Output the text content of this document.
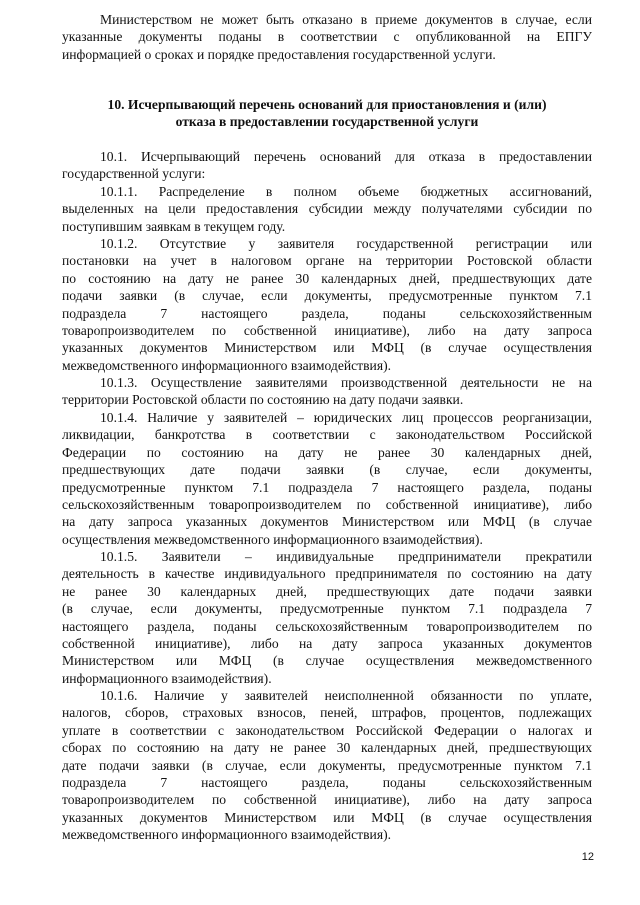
Министерством не может быть отказано в приеме документов в случае, если
указанные документы поданы в соответствии с опубликованной на ЕПГУ
информацией о сроках и порядке предоставления государственной услуги.
10. Исчерпывающий перечень оснований для приостановления и (или)
отказа в предоставлении государственной услуги
10.1. Исчерпывающий перечень оснований для отказа в предоставлении
государственной услуги:
10.1.1. Распределение в полном объеме бюджетных ассигнований,
выделенных на цели предоставления субсидии между получателями субсидии по
поступившим заявкам в текущем году.
10.1.2. Отсутствие у заявителя государственной регистрации или
постановки на учет в налоговом органе на территории Ростовской области
по состоянию на дату не ранее 30 календарных дней, предшествующих дате
подачи заявки (в случае, если документы, предусмотренные пунктом 7.1
подраздела 7 настоящего раздела, поданы сельскохозяйственным
товаропроизводителем по собственной инициативе), либо на дату запроса
указанных документов Министерством или МФЦ (в случае осуществления
межведомственного информационного взаимодействия).
10.1.3. Осуществление заявителями производственной деятельности не на
территории Ростовской области по состоянию на дату подачи заявки.
10.1.4. Наличие у заявителей – юридических лиц процессов реорганизации,
ликвидации, банкротства в соответствии с законодательством Российской
Федерации по состоянию на дату не ранее 30 календарных дней,
предшествующих дате подачи заявки (в случае, если документы,
предусмотренные пунктом 7.1 подраздела 7 настоящего раздела, поданы
сельскохозяйственным товаропроизводителем по собственной инициативе), либо
на дату запроса указанных документов Министерством или МФЦ (в случае
осуществления межведомственного информационного взаимодействия).
10.1.5. Заявители – индивидуальные предприниматели прекратили
деятельность в качестве индивидуального предпринимателя по состоянию на дату
не ранее 30 календарных дней, предшествующих дате подачи заявки
(в случае, если документы, предусмотренные пунктом 7.1 подраздела 7
настоящего раздела, поданы сельскохозяйственным товаропроизводителем по
собственной инициативе), либо на дату запроса указанных документов
Министерством или МФЦ (в случае осуществления межведомственного
информационного взаимодействия).
10.1.6. Наличие у заявителей неисполненной обязанности по уплате,
налогов, сборов, страховых взносов, пеней, штрафов, процентов, подлежащих
уплате в соответствии с законодательством Российской Федерации о налогах и
сборах по состоянию на дату не ранее 30 календарных дней, предшествующих
дате подачи заявки (в случае, если документы, предусмотренные пунктом 7.1
подраздела 7 настоящего раздела, поданы сельскохозяйственным
товаропроизводителем по собственной инициативе), либо на дату запроса
указанных документов Министерством или МФЦ (в случае осуществления
межведомственного информационного взаимодействия).
12
